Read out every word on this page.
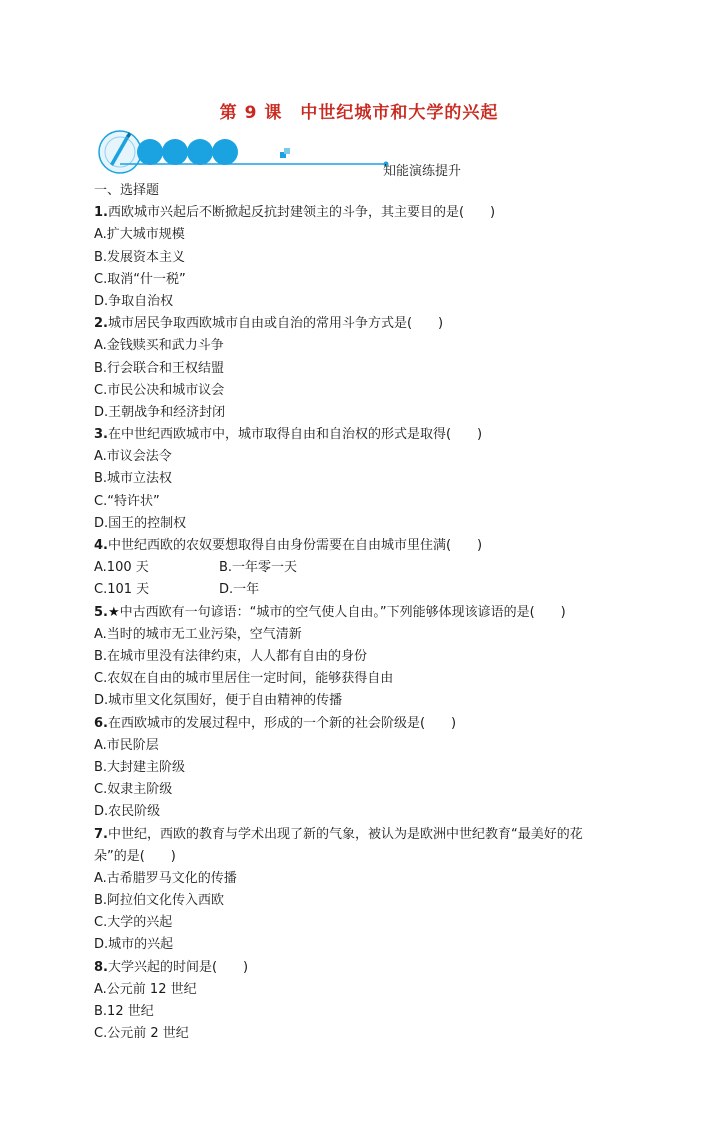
第 9 课　中世纪城市和大学的兴起
知能演练提升
一、选择题
1.西欧城市兴起后不断掀起反抗封建领主的斗争，其主要目的是(　　)
A.扩大城市规模
B.发展资本主义
C.取消“什一税”
D.争取自治权
2.城市居民争取西欧城市自由或自治的常用斗争方式是(　　)
A.金钱赎买和武力斗争
B.行会联合和王权结盟
C.市民公决和城市议会
D.王朝战争和经济封闭
3.在中世纪西欧城市中，城市取得自由和自治权的形式是取得(　　)
A.市议会法令
B.城市立法权
C.“特许状”
D.国王的控制权
4.中世纪西欧的农奴要想取得自由身份需要在自由城市里住满(　　)
A.100 天	B.一年零一天
C.101 天	D.一年
5.★中古西欧有一句谚语：“城市的空气使人自由。”下列能够体现该谚语的是(　　)
A.当时的城市无工业污染，空气清新
B.在城市里没有法律约束，人人都有自由的身份
C.农奴在自由的城市里居住一定时间，能够获得自由
D.城市里文化氛围好，便于自由精神的传播
6.在西欧城市的发展过程中，形成的一个新的社会阶级是(　　)
A.市民阶层
B.大封建主阶级
C.奴隶主阶级
D.农民阶级
7.中世纪，西欧的教育与学术出现了新的气象，被认为是欧洲中世纪教育“最美好的花
朵”的是(　　)
A.古希腊罗马文化的传播
B.阿拉伯文化传入西欧
C.大学的兴起
D.城市的兴起
8.大学兴起的时间是(　　)
A.公元前 12 世纪
B.12 世纪
C.公元前 2 世纪
